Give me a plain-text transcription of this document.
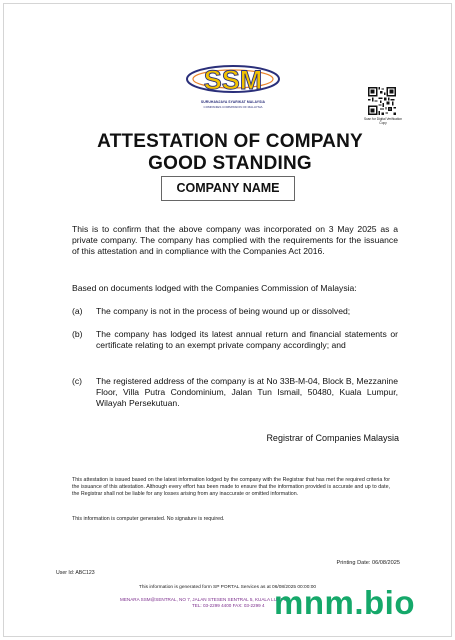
SSM
SURUHANJAYA SYARIKAT MALAYSIA
COMPANIES COMMISSION OF MALAYSIA
Scan for Digital Verification Copy
ATTESTATION OF COMPANY
GOOD STANDING
COMPANY NAME
This is to confirm that the above company was incorporated on 3 May 2025 as a private company. The company has complied with the requirements for the issuance of this attestation and in compliance with the Companies Act 2016.
Based on documents lodged with the Companies Commission of Malaysia:
(a)	The company is not in the process of being wound up or dissolved;
(b)	The company has lodged its latest annual return and financial statements or certificate relating to an exempt private company accordingly; and
(c)	The registered address of the company is at No 33B-M-04, Block B, Mezzanine Floor, Villa Putra Condominium, Jalan Tun Ismail, 50480, Kuala Lumpur, Wilayah Persekutuan.
Registrar of Companies Malaysia
This attestation is issued based on the latest information lodged by the company with the Registrar that has met the required criteria for the issuance of this attestation. Although every effort has been made to ensure that the information provided is accurate and up to date, the Registrar shall not be liable for any losses arising from any inaccurate or omitted information.
This information is computer generated. No signature is required.
Printing Date: 06/08/2025
User Id: ABC123
This information is generated form SP PORTAL Services as at 06/08/2025 00:00:00
MENARA SSM@SENTRAL, NO 7, JALAN STESEN SENTRAL 5, KUALA LUMPUR
TEL: 03-2299 4400 FAX: 03-2299 4 mnm.bio
